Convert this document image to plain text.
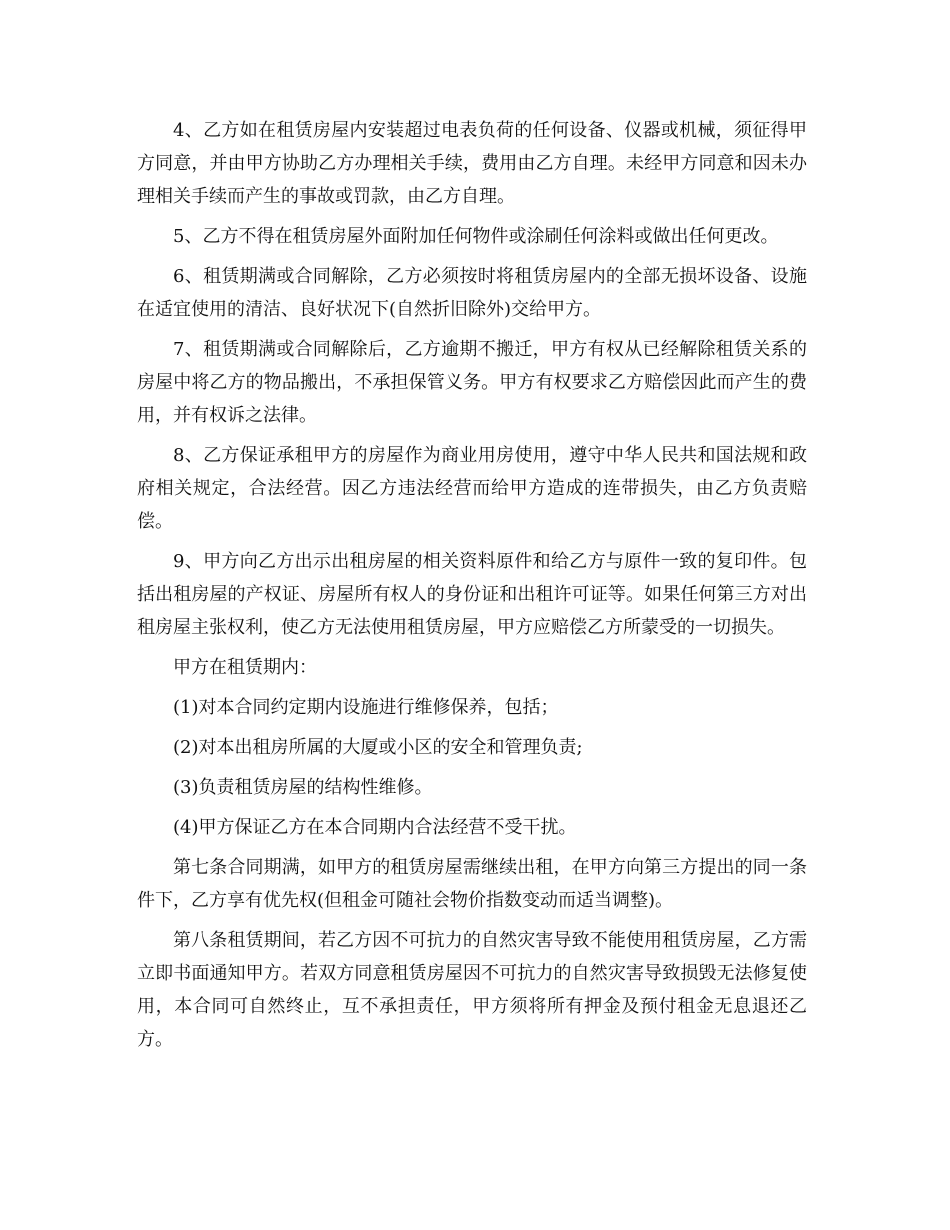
4、乙方如在租赁房屋内安装超过电表负荷的任何设备、仪器或机械，须征得甲方同意，并由甲方协助乙方办理相关手续，费用由乙方自理。未经甲方同意和因未办理相关手续而产生的事故或罚款，由乙方自理。

5、乙方不得在租赁房屋外面附加任何物件或涂刷任何涂料或做出任何更改。

6、租赁期满或合同解除，乙方必须按时将租赁房屋内的全部无损坏设备、设施在适宜使用的清洁、良好状况下(自然折旧除外)交给甲方。

7、租赁期满或合同解除后，乙方逾期不搬迁，甲方有权从已经解除租赁关系的房屋中将乙方的物品搬出，不承担保管义务。甲方有权要求乙方赔偿因此而产生的费用，并有权诉之法律。

8、乙方保证承租甲方的房屋作为商业用房使用，遵守中华人民共和国法规和政府相关规定，合法经营。因乙方违法经营而给甲方造成的连带损失，由乙方负责赔偿。

9、甲方向乙方出示出租房屋的相关资料原件和给乙方与原件一致的复印件。包括出租房屋的产权证、房屋所有权人的身份证和出租许可证等。如果任何第三方对出租房屋主张权利，使乙方无法使用租赁房屋，甲方应赔偿乙方所蒙受的一切损失。

甲方在租赁期内：

(1)对本合同约定期内设施进行维修保养，包括；

(2)对本出租房所属的大厦或小区的安全和管理负责;

(3)负责租赁房屋的结构性维修。

(4)甲方保证乙方在本合同期内合法经营不受干扰。

第七条合同期满，如甲方的租赁房屋需继续出租，在甲方向第三方提出的同一条件下，乙方享有优先权(但租金可随社会物价指数变动而适当调整)。

第八条租赁期间，若乙方因不可抗力的自然灾害导致不能使用租赁房屋，乙方需立即书面通知甲方。若双方同意租赁房屋因不可抗力的自然灾害导致损毁无法修复使用，本合同可自然终止，互不承担责任，甲方须将所有押金及预付租金无息退还乙方。
